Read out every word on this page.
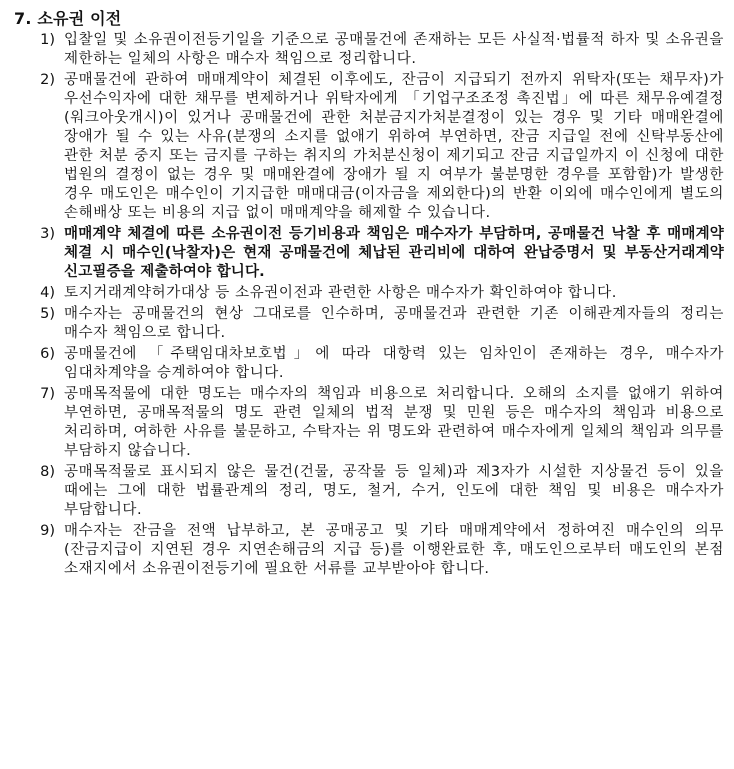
7. 소유권 이전
1) 입찰일 및 소유권이전등기일을 기준으로 공매물건에 존재하는 모든 사실적·법률적 하자 및 소유권을 제한하는 일체의 사항은 매수자 책임으로 정리합니다.
2) 공매물건에 관하여 매매계약이 체결된 이후에도, 잔금이 지급되기 전까지 위탁자(또는 채무자)가 우선수익자에 대한 채무를 변제하거나 위탁자에게 「기업구조조정 촉진법」에 따른 채무유예결정(워크아웃개시)이 있거나 공매물건에 관한 처분금지가처분결정이 있는 경우 및 기타 매매완결에 장애가 될 수 있는 사유(분쟁의 소지를 없애기 위하여 부연하면, 잔금 지급일 전에 신탁부동산에 관한 처분 중지 또는 금지를 구하는 취지의 가처분신청이 제기되고 잔금 지급일까지 이 신청에 대한 법원의 결정이 없는 경우 및 매매완결에 장애가 될 지 여부가 불분명한 경우를 포함함)가 발생한 경우 매도인은 매수인이 기지급한 매매대금(이자금을 제외한다)의 반환 이외에 매수인에게 별도의 손해배상 또는 비용의 지급 없이 매매계약을 해제할 수 있습니다.
3) 매매계약 체결에 따른 소유권이전 등기비용과 책임은 매수자가 부담하며, 공매물건 낙찰 후 매매계약 체결 시 매수인(낙찰자)은 현재 공매물건에 체납된 관리비에 대하여 완납증명서 및 부동산거래계약 신고필증을 제출하여야 합니다.
4) 토지거래계약허가대상 등 소유권이전과 관련한 사항은 매수자가 확인하여야 합니다.
5) 매수자는 공매물건의 현상 그대로를 인수하며, 공매물건과 관련한 기존 이해관계자들의 정리는 매수자 책임으로 합니다.
6) 공매물건에 「주택임대차보호법」에 따라 대항력 있는 임차인이 존재하는 경우, 매수자가 임대차계약을 승계하여야 합니다.
7) 공매목적물에 대한 명도는 매수자의 책임과 비용으로 처리합니다. 오해의 소지를 없애기 위하여 부연하면, 공매목적물의 명도 관련 일체의 법적 분쟁 및 민원 등은 매수자의 책임과 비용으로 처리하며, 여하한 사유를 불문하고, 수탁자는 위 명도와 관련하여 매수자에게 일체의 책임과 의무를 부담하지 않습니다.
8) 공매목적물로 표시되지 않은 물건(건물, 공작물 등 일체)과 제3자가 시설한 지상물건 등이 있을 때에는 그에 대한 법률관계의 정리, 명도, 철거, 수거, 인도에 대한 책임 및 비용은 매수자가 부담합니다.
9) 매수자는 잔금을 전액 납부하고, 본 공매공고 및 기타 매매계약에서 정하여진 매수인의 의무(잔금지급이 지연된 경우 지연손해금의 지급 등)를 이행완료한 후, 매도인으로부터 매도인의 본점 소재지에서 소유권이전등기에 필요한 서류를 교부받아야 합니다.
